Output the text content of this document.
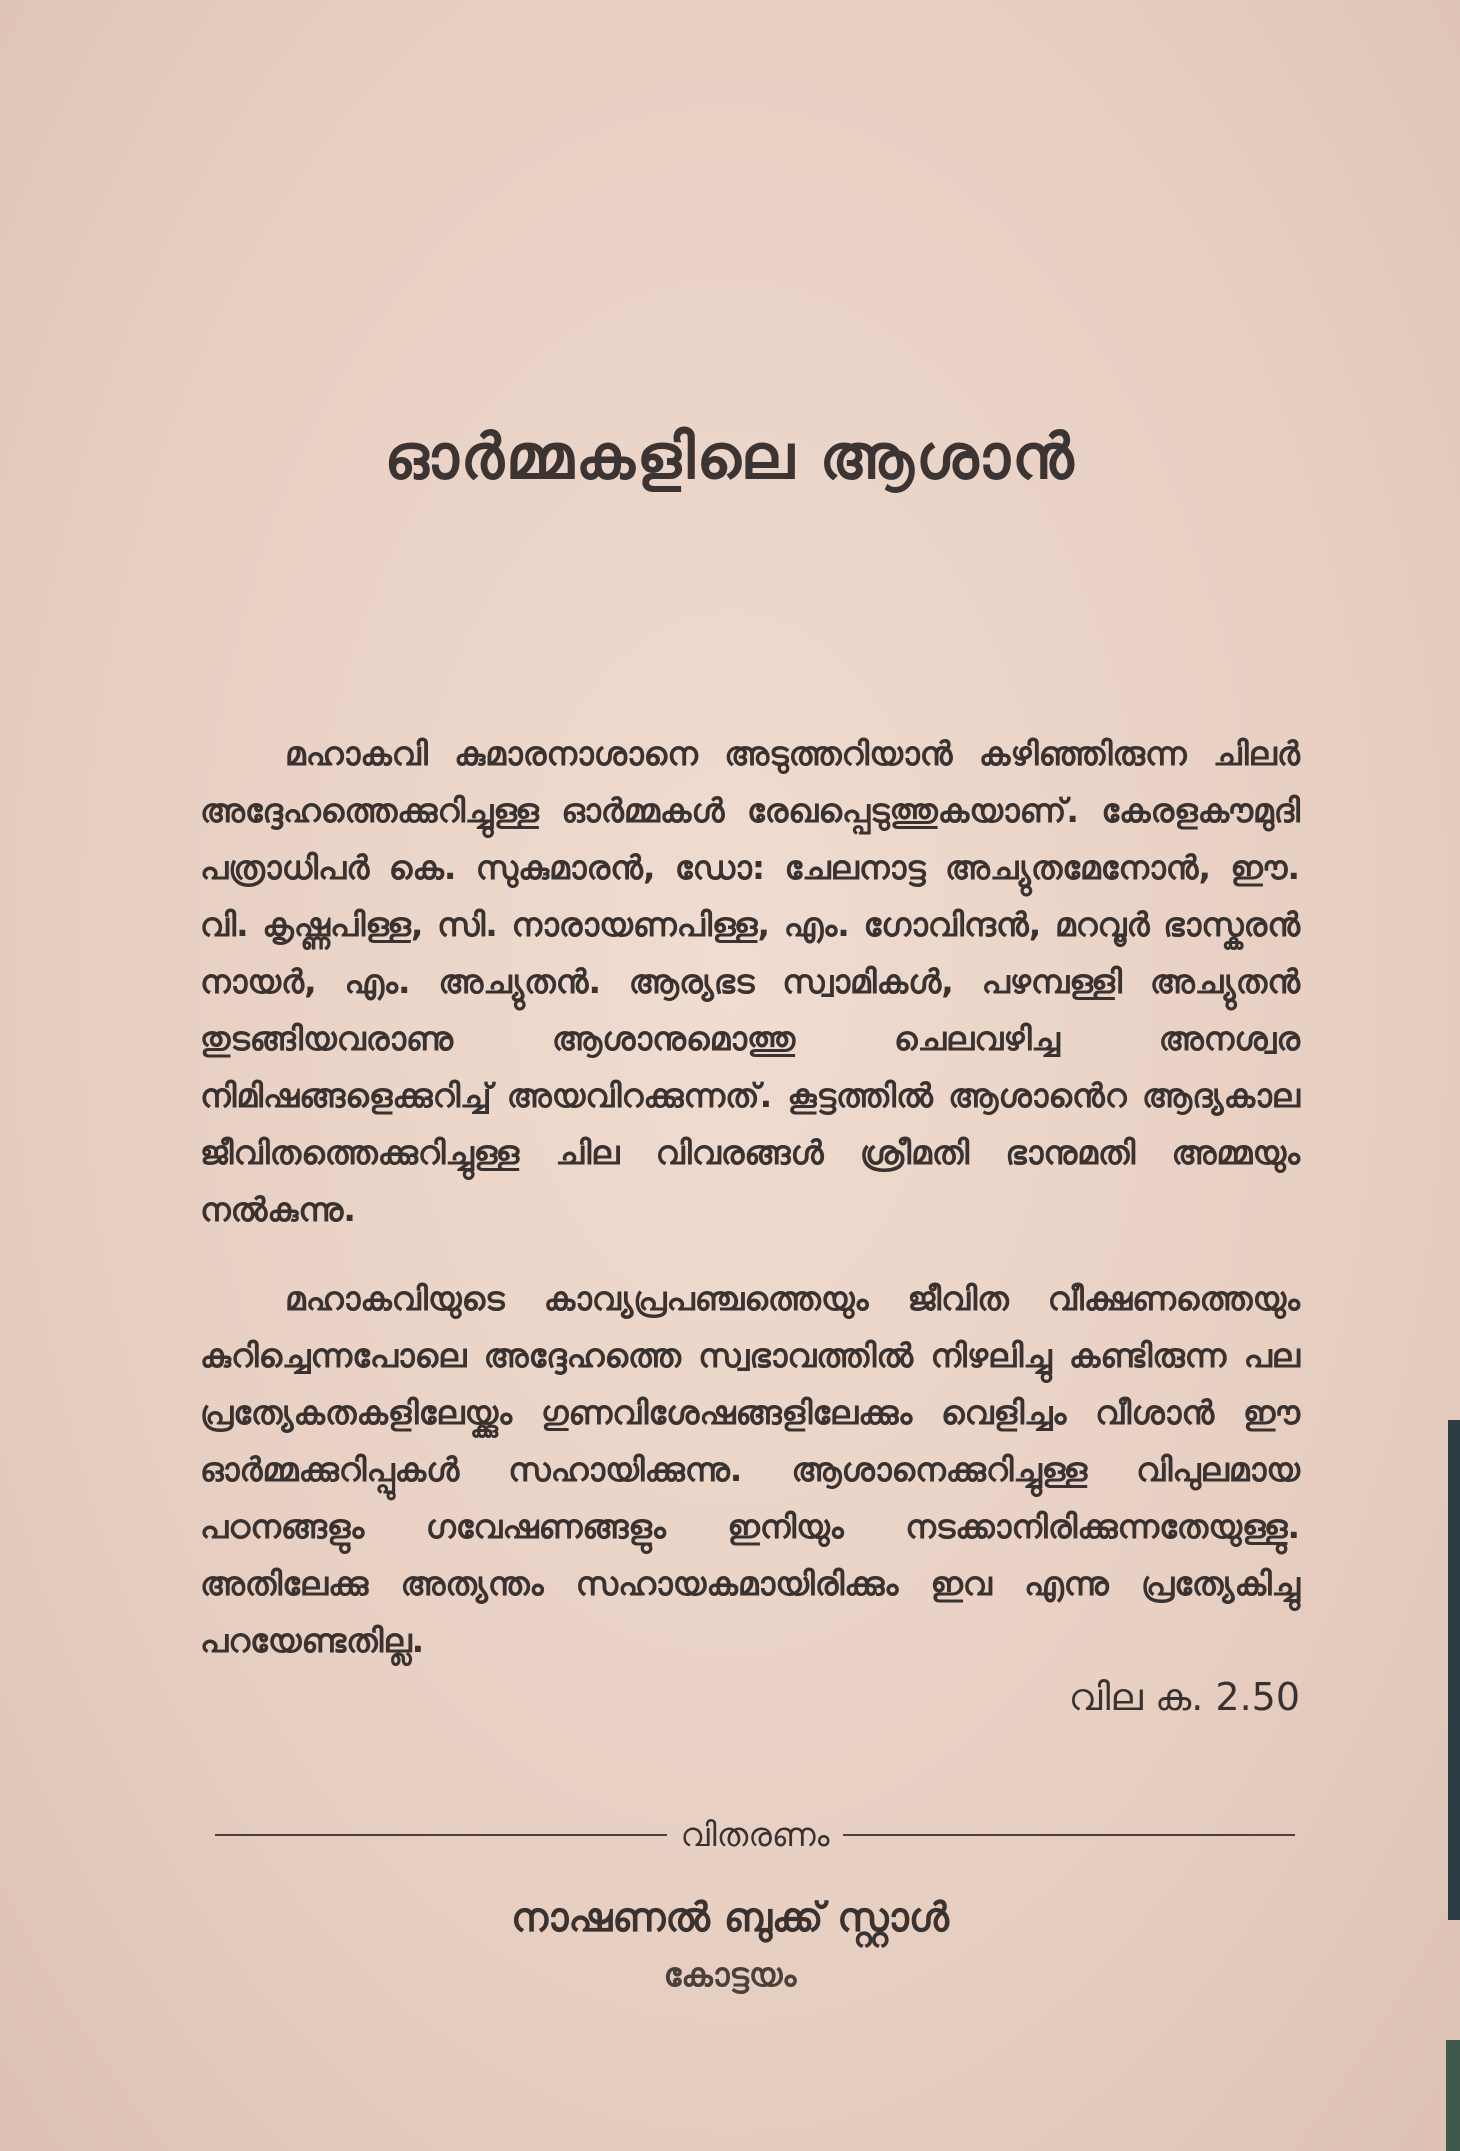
ഓർമ്മകളിലെ ആശാൻ
മഹാകവി കുമാരനാശാനെ അടുത്തറിയാൻ കഴിഞ്ഞിരുന്ന ചിലർ അദ്ദേഹത്തെക്കുറിച്ചുള്ള ഓർമ്മകൾ രേഖപ്പെടുത്തുകയാണ്. കേരളകൗമുദി പത്രാധിപർ കെ. സുകുമാരൻ, ഡോ: ചേലനാട്ട അച്യുതമേനോൻ, ഈ. വി. കൃഷ്ണപിള്ള, സി. നാരായണപിള്ള, എം. ഗോവിന്ദൻ, മറവൂർ ഭാസ്കരൻ നായർ, എം. അച്യുതൻ. ആര്യഭട സ്വാമികൾ, പഴമ്പള്ളി അച്യുതൻ തുടങ്ങിയവരാണു ആശാനുമൊത്തു ചെലവഴിച്ച അനശ്വര നിമിഷങ്ങളെക്കുറിച്ച് അയവിറക്കുന്നത്. കൂട്ടത്തിൽ ആശാൻെറ ആദ്യകാല ജീവിതത്തെക്കുറിച്ചുള്ള ചില വിവരങ്ങൾ ശ്രീമതി ഭാനുമതി അമ്മയും നൽകുന്നു.
മഹാകവിയുടെ കാവ്യപ്രപഞ്ചത്തെയും ജീവിത വീക്ഷണത്തെയും കുറിച്ചെന്നപോലെ അദ്ദേഹത്തെ സ്വഭാവത്തിൽ നിഴലിച്ചു കണ്ടിരുന്ന പല പ്രത്യേകതകളിലേയ്ക്കും ഗുണവിശേഷങ്ങളിലേക്കും വെളിച്ചം വീശാൻ ഈ ഓർമ്മക്കുറിപ്പുകൾ സഹായിക്കുന്നു. ആശാനെക്കുറിച്ചുള്ള വിപുലമായ പഠനങ്ങളും ഗവേഷണങ്ങളും ഇനിയും നടക്കാനിരിക്കുന്നതേയുള്ളു. അതിലേക്കു അത്യന്തം സഹായകമായിരിക്കും ഇവ എന്നു പ്രത്യേകിച്ചു പറയേണ്ടതില്ല.
വില ക. 2.50
വിതരണം
നാഷണൽ ബുക്ക് സ്റ്റാൾ
കോട്ടയം
